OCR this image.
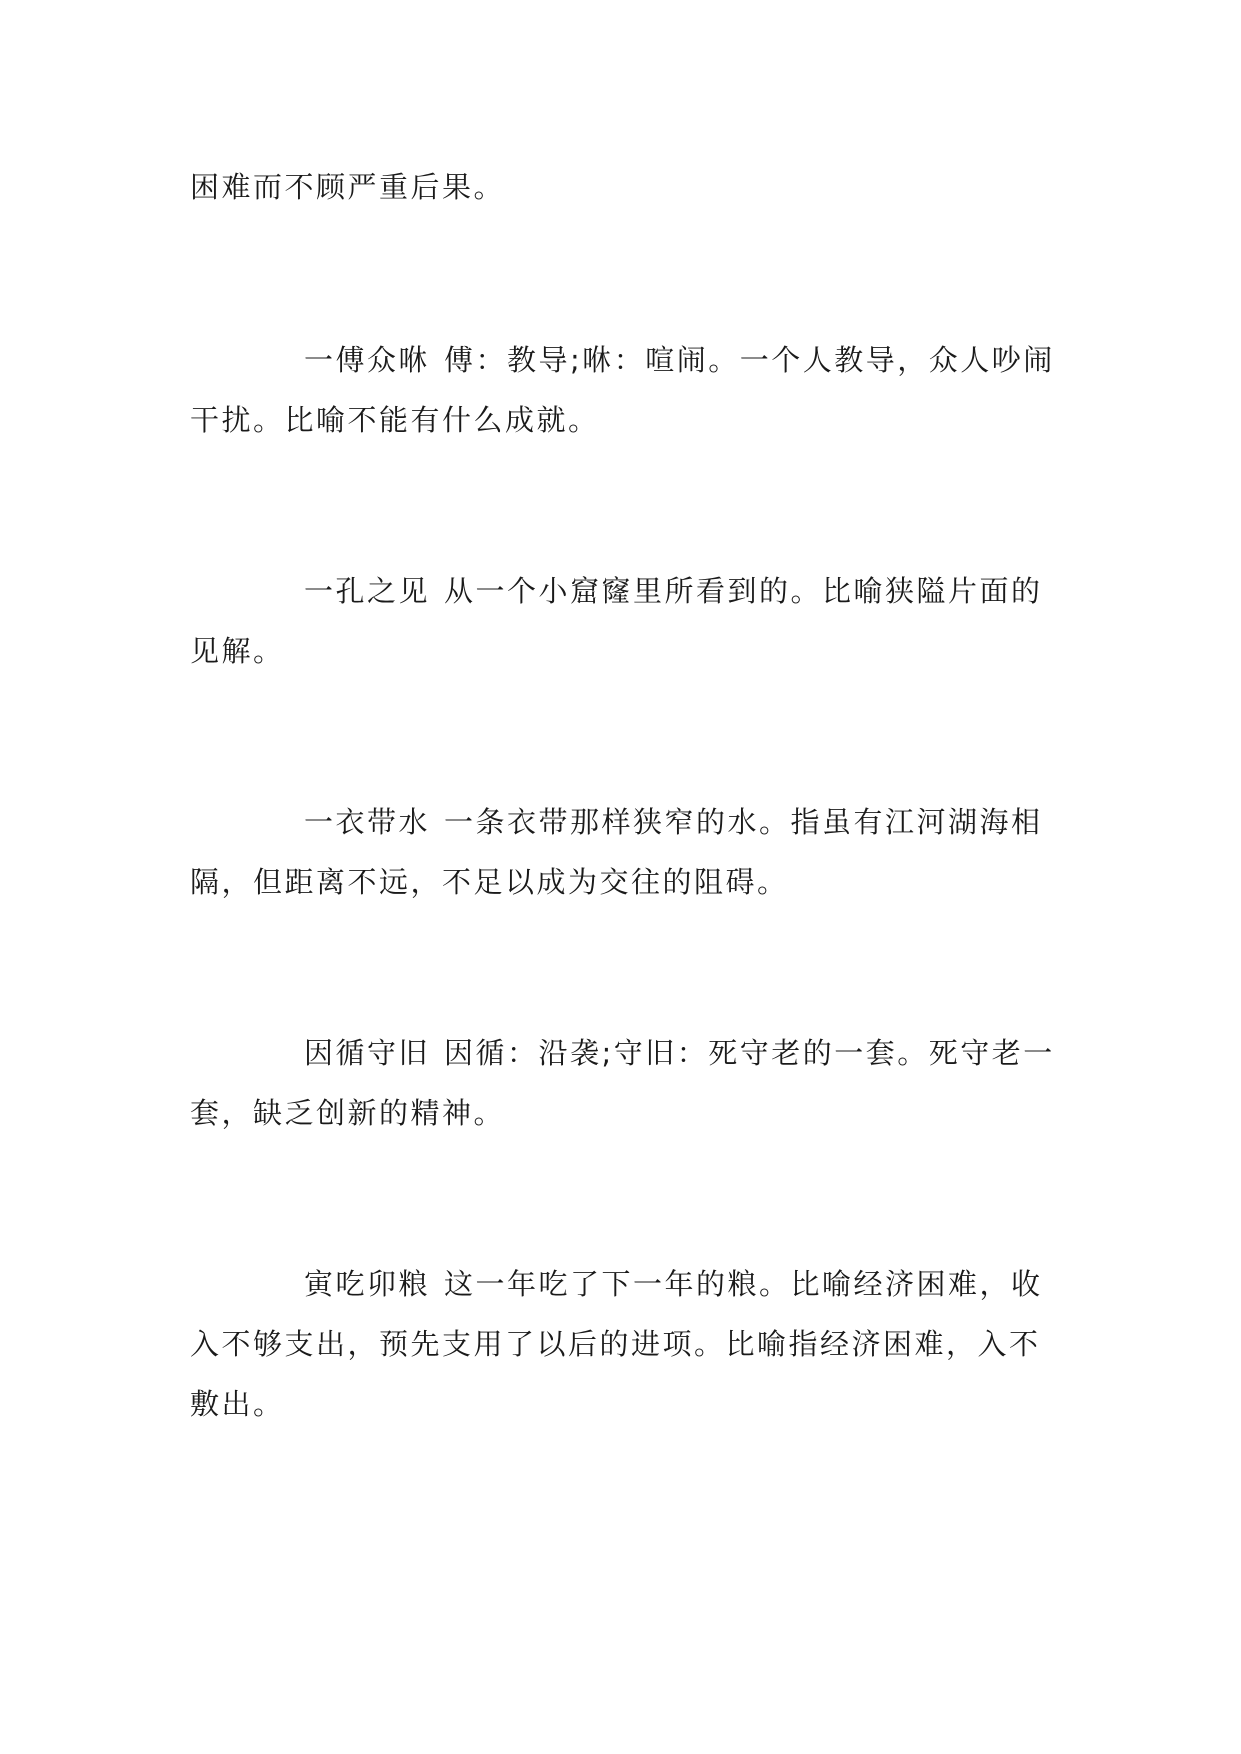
困难而不顾严重后果。

一傅众咻 傅：教导;咻：喧闹。一个人教导，众人吵闹干扰。比喻不能有什么成就。

一孔之见 从一个小窟窿里所看到的。比喻狭隘片面的见解。

一衣带水 一条衣带那样狭窄的水。指虽有江河湖海相隔，但距离不远，不足以成为交往的阻碍。

因循守旧 因循：沿袭;守旧：死守老的一套。死守老一套，缺乏创新的精神。

寅吃卯粮 这一年吃了下一年的粮。比喻经济困难，收入不够支出，预先支用了以后的进项。比喻指经济困难，入不敷出。
